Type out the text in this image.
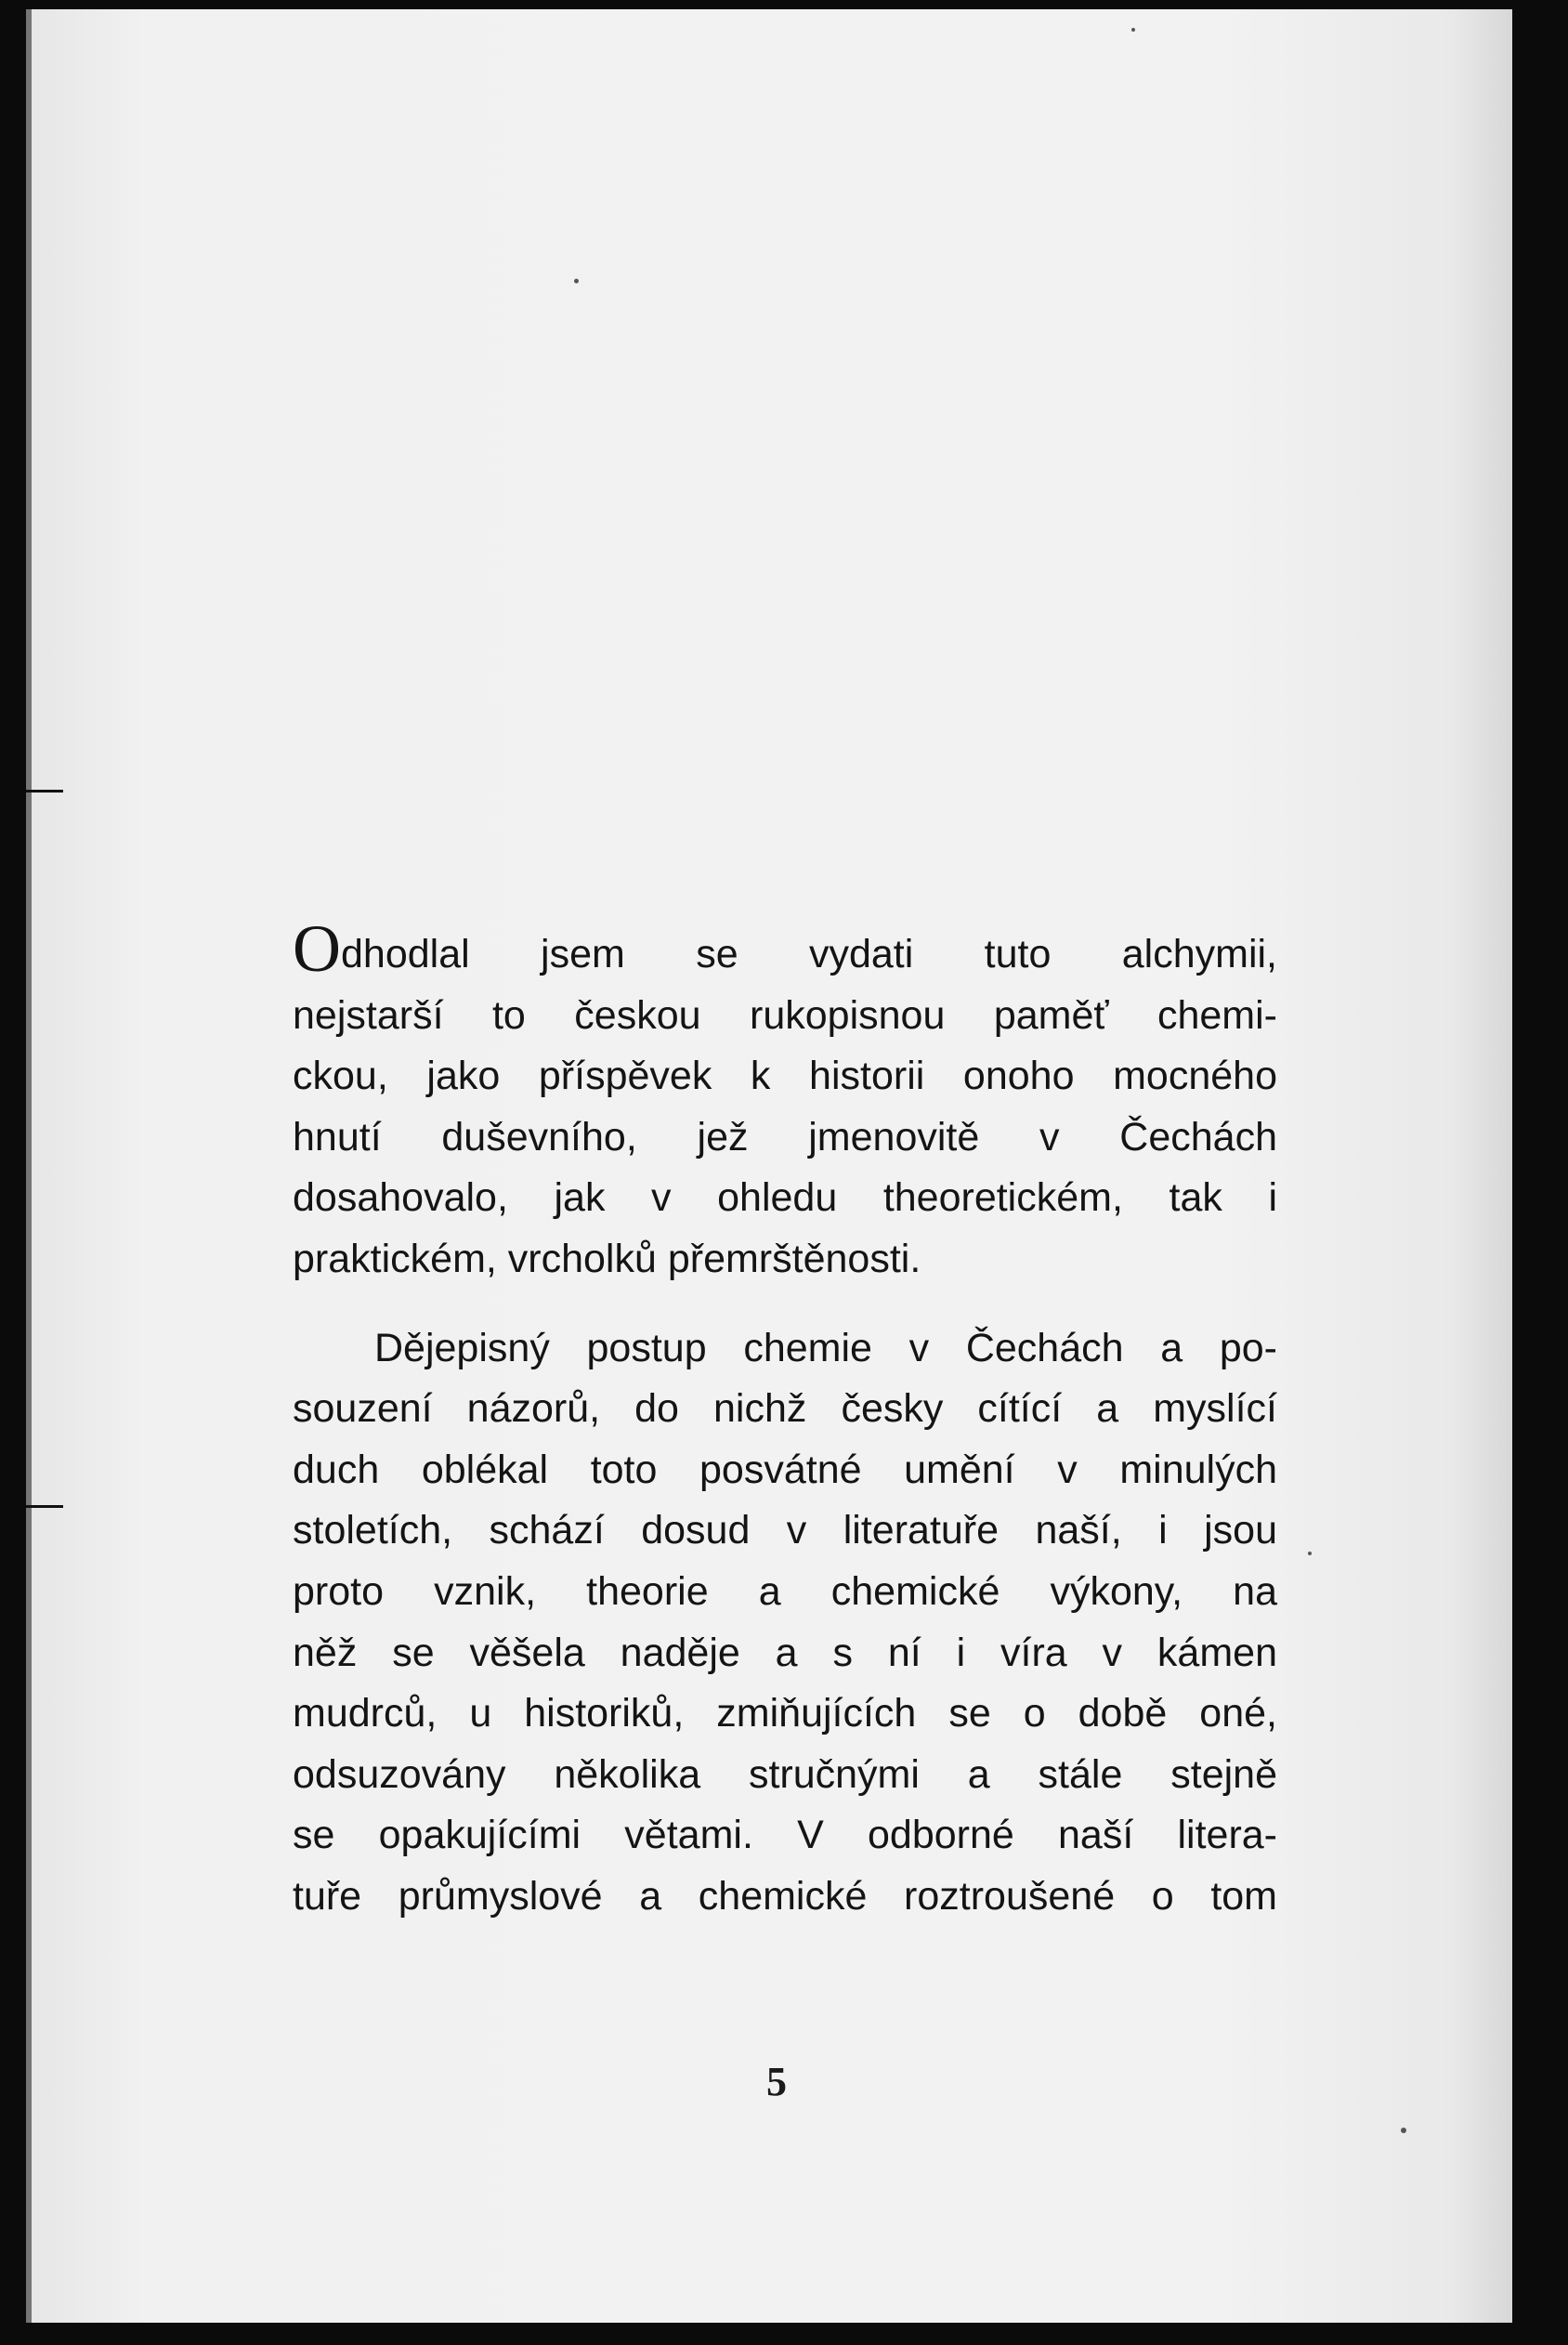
Odhodlal jsem se vydati tuto alchymii,
nejstarší to českou rukopisnou paměť chemi-
ckou, jako příspěvek k historii onoho mocného
hnutí duševního, jež jmenovitě v Čechách
dosahovalo, jak v ohledu theoretickém, tak i
praktickém, vrcholků přemrštěnosti.
Dějepisný postup chemie v Čechách a po-
souzení názorů, do nichž česky cítící a myslící
duch oblékal toto posvátné umění v minulých
stoletích, schází dosud v literatuře naší, i jsou
proto vznik, theorie a chemické výkony, na
něž se věšela naděje a s ní i víra v kámen
mudrců, u historiků, zmiňujících se o době oné,
odsuzovány několika stručnými a stále stejně
se opakujícími větami. V odborné naší litera-
tuře průmyslové a chemické roztroušené o tom
5
